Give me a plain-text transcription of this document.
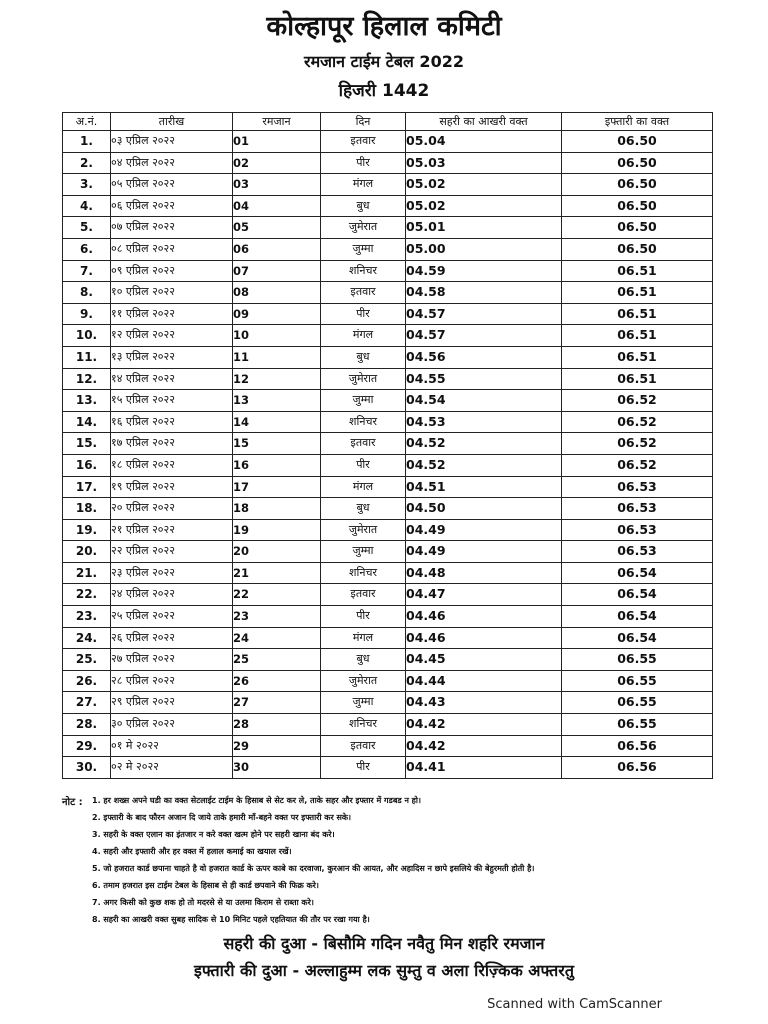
कोल्हापूर हिलाल कमिटी
रमजान टाईम टेबल 2022
हिजरी 1442
अ.नं.	तारीख	रमजान	दिन	सहरी का आखरी वक्त	इफ्तारी का वक्त
1.	०३ एप्रिल २०२२	01	इतवार	05.04	06.50
2.	०४ एप्रिल २०२२	02	पीर	05.03	06.50
3.	०५ एप्रिल २०२२	03	मंगल	05.02	06.50
4.	०६ एप्रिल २०२२	04	बुध	05.02	06.50
5.	०७ एप्रिल २०२२	05	जुमेरात	05.01	06.50
6.	०८ एप्रिल २०२२	06	जुम्मा	05.00	06.50
7.	०९ एप्रिल २०२२	07	शनिचर	04.59	06.51
8.	१० एप्रिल २०२२	08	इतवार	04.58	06.51
9.	११ एप्रिल २०२२	09	पीर	04.57	06.51
10.	१२ एप्रिल २०२२	10	मंगल	04.57	06.51
11.	१३ एप्रिल २०२२	11	बुध	04.56	06.51
12.	१४ एप्रिल २०२२	12	जुमेरात	04.55	06.51
13.	१५ एप्रिल २०२२	13	जुम्मा	04.54	06.52
14.	१६ एप्रिल २०२२	14	शनिचर	04.53	06.52
15.	१७ एप्रिल २०२२	15	इतवार	04.52	06.52
16.	१८ एप्रिल २०२२	16	पीर	04.52	06.52
17.	१९ एप्रिल २०२२	17	मंगल	04.51	06.53
18.	२० एप्रिल २०२२	18	बुध	04.50	06.53
19.	२१ एप्रिल २०२२	19	जुमेरात	04.49	06.53
20.	२२ एप्रिल २०२२	20	जुम्मा	04.49	06.53
21.	२३ एप्रिल २०२२	21	शनिचर	04.48	06.54
22.	२४ एप्रिल २०२२	22	इतवार	04.47	06.54
23.	२५ एप्रिल २०२२	23	पीर	04.46	06.54
24.	२६ एप्रिल २०२२	24	मंगल	04.46	06.54
25.	२७ एप्रिल २०२२	25	बुध	04.45	06.55
26.	२८ एप्रिल २०२२	26	जुमेरात	04.44	06.55
27.	२९ एप्रिल २०२२	27	जुम्मा	04.43	06.55
28.	३० एप्रिल २०२२	28	शनिचर	04.42	06.55
29.	०१ मे २०२२	29	इतवार	04.42	06.56
30.	०२ मे २०२२	30	पीर	04.41	06.56
नोट : 1. हर शख्स अपने घडी का वक्त सेटलाईट टाईम के हिसाब से सेट कर ले, ताके सहर और इफ्तार में गडबड न हो।
2. इफ्तारी के बाद फौरन अजान दि जाये ताके हमारी माँ-बहने वक्त पर इफ्तारी कर सके।
3. सहरी के वक्त एलान का इंतजार न करे वक्त खत्म होने पर सहरी खाना बंद करे।
4. सहरी और इफ्तारी और हर वक्त में हलाल कमाई का खयाल रखें।
5. जो हजरात कार्ड छपाना चाहते है वो हजरात कार्ड के ऊपर काबे का दरवाजा, कुरआन की आयत, और अहादिस न छापे इसलिये की बेहुरमती होती है।
6. तमाम हजरात इस टाईम टेबल के हिसाब से ही कार्ड छपवाने की फिक्र करे।
7. अगर किसी को कुछ शक हो तो मदरसे से या उलमा किराम से राब्ता करे।
8. सहरी का आखरी वक्त सुबह सादिक से 10 मिनिट पहले एहतियात की तौर पर रखा गया है।
सहरी की दुआ - बिसौमि गदिन नवैतु मिन शहरि रमजान
इफ्तारी की दुआ - अल्लाहुम्म लक सुम्तु व अला रिज़्किक अफ्तरतु
Scanned with CamScanner
